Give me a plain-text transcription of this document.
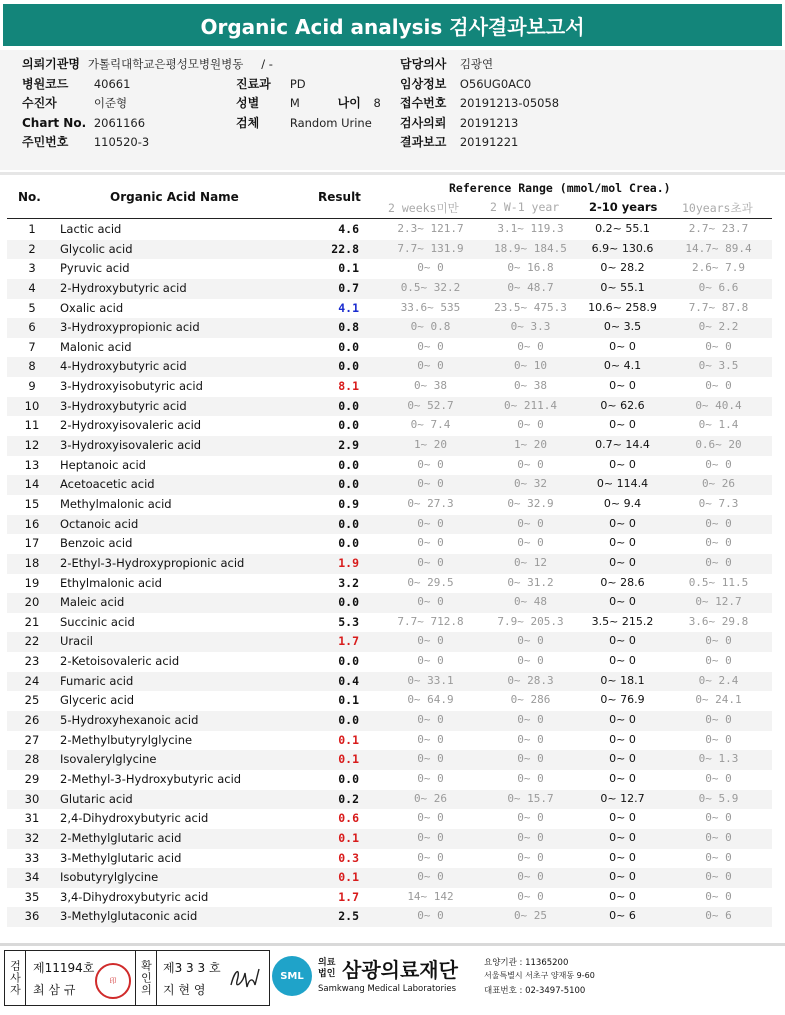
Organic Acid analysis 검사결과보고서
의뢰기관명 가톨릭대학교은평성모병원병동 / -
병원코드 40661
수진자	이준형
Chart No. 2061166
주민번호 110520-3
진료과 PD
성별	M	나이 8
검체	Random Urine
담당의사 김광연
임상정보 O56UG0AC0
접수번호 20191213-05058
검사의뢰 20191213
결과보고 20191221
No.	Organic Acid Name	Result
Reference Range (mmol/mol Crea.)
2 weeks미만	2 W-1 year	2-10 years 10years초과
1	Lactic acid	4.6	2.3~ 121.7	3.1~ 119.3	0.2~ 55.1	2.7~ 23.7
2	Glycolic acid	22.8	7.7~ 131.9	18.9~ 184.5	6.9~ 130.6	14.7~ 89.4
3	Pyruvic acid	0.1	0~ 0	0~ 16.8	0~ 28.2	2.6~ 7.9
4	2-Hydroxybutyric acid	0.7	0.5~ 32.2	0~ 48.7	0~ 55.1	0~ 6.6
5	Oxalic acid	4.1	33.6~ 535	23.5~ 475.3	10.6~ 258.9	7.7~ 87.8
6	3-Hydroxypropionic acid	0.8	0~ 0.8	0~ 3.3	0~ 3.5	0~ 2.2
7	Malonic acid	0.0	0~ 0	0~ 0	0~ 0	0~ 0
8	4-Hydroxybutyric acid	0.0	0~ 0	0~ 10	0~ 4.1	0~ 3.5
9	3-Hydroxyisobutyric acid	8.1	0~ 38	0~ 38	0~ 0	0~ 0
10	3-Hydroxybutyric acid	0.0	0~ 52.7	0~ 211.4	0~ 62.6	0~ 40.4
11	2-Hydroxyisovaleric acid	0.0	0~ 7.4	0~ 0	0~ 0	0~ 1.4
12	3-Hydroxyisovaleric acid	2.9	1~ 20	1~ 20	0.7~ 14.4	0.6~ 20
13	Heptanoic acid	0.0	0~ 0	0~ 0	0~ 0	0~ 0
14	Acetoacetic acid	0.0	0~ 0	0~ 32	0~ 114.4	0~ 26
15	Methylmalonic acid	0.9	0~ 27.3	0~ 32.9	0~ 9.4	0~ 7.3
16	Octanoic acid	0.0	0~ 0	0~ 0	0~ 0	0~ 0
17	Benzoic acid	0.0	0~ 0	0~ 0	0~ 0	0~ 0
18	2-Ethyl-3-Hydroxypropionic acid	1.9	0~ 0	0~ 12	0~ 0	0~ 0
19	Ethylmalonic acid	3.2	0~ 29.5	0~ 31.2	0~ 28.6	0.5~ 11.5
20	Maleic acid	0.0	0~ 0	0~ 48	0~ 0	0~ 12.7
21	Succinic acid	5.3	7.7~ 712.8	7.9~ 205.3	3.5~ 215.2	3.6~ 29.8
22	Uracil	1.7	0~ 0	0~ 0	0~ 0	0~ 0
23	2-Ketoisovaleric acid	0.0	0~ 0	0~ 0	0~ 0	0~ 0
24	Fumaric acid	0.4	0~ 33.1	0~ 28.3	0~ 18.1	0~ 2.4
25	Glyceric acid	0.1	0~ 64.9	0~ 286	0~ 76.9	0~ 24.1
26	5-Hydroxyhexanoic acid	0.0	0~ 0	0~ 0	0~ 0	0~ 0
27	2-Methylbutyrylglycine	0.1	0~ 0	0~ 0	0~ 0	0~ 0
28	Isovalerylglycine	0.1	0~ 0	0~ 0	0~ 0	0~ 1.3
29	2-Methyl-3-Hydroxybutyric acid	0.0	0~ 0	0~ 0	0~ 0	0~ 0
30	Glutaric acid	0.2	0~ 26	0~ 15.7	0~ 12.7	0~ 5.9
31	2,4-Dihydroxybutyric acid	0.6	0~ 0	0~ 0	0~ 0	0~ 0
32	2-Methylglutaric acid	0.1	0~ 0	0~ 0	0~ 0	0~ 0
33	3-Methylglutaric acid	0.3	0~ 0	0~ 0	0~ 0	0~ 0
34	Isobutyrylglycine	0.1	0~ 0	0~ 0	0~ 0	0~ 0
35	3,4-Dihydroxybutyric acid	1.7	14~ 142	0~ 0	0~ 0	0~ 0
36	3-Methylglutaconic acid	2.5	0~ 0	0~ 25	0~ 6	0~ 6
검사자 제11194호
최 삼 규
印	확인의 제3 3 3 호
지 현 영
SML
의료
법인 삼광의료재단
Samkwang Medical Laboratories
요양기관 : 11365200
서울특별시 서초구 양재동 9-60
대표번호 : 02-3497-5100
